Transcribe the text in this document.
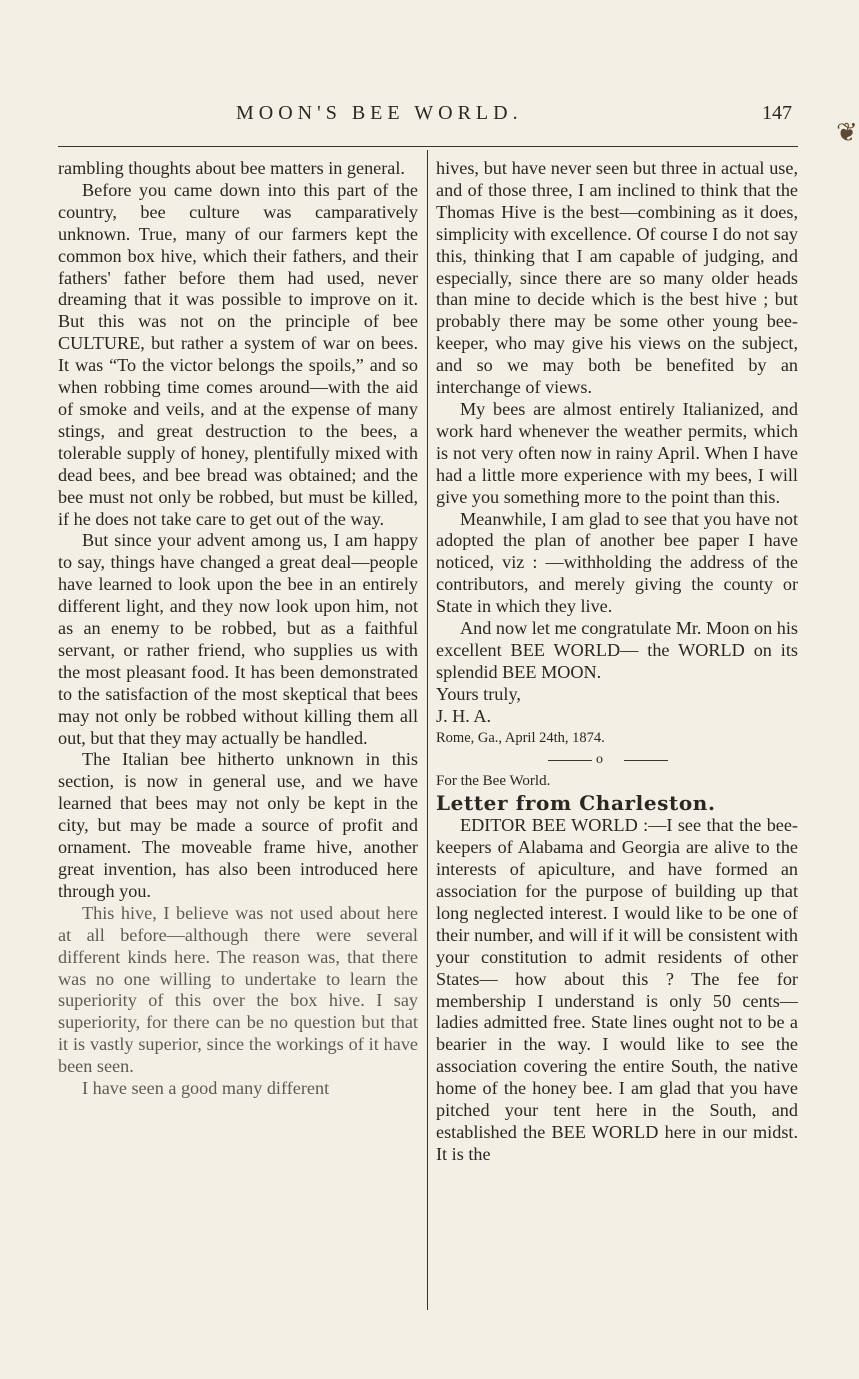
MOON'S BEE WORLD.	147
❦

rambling thoughts about bee matters in general.

Before you came down into this part of the country, bee culture was camparatively unknown. True, many of our farmers kept the common box hive, which their fathers, and their fathers' father before them had used, never dreaming that it was possible to improve on it. But this was not on the principle of bee CULTURE, but rather a system of war on bees. It was “To the victor belongs the spoils,” and so when robbing time comes around—with the aid of smoke and veils, and at the expense of many stings, and great destruction to the bees, a tolerable supply of honey, plentifully mixed with dead bees, and bee bread was obtained; and the bee must not only be robbed, but must be killed, if he does not take care to get out of the way.

But since your advent among us, I am happy to say, things have changed a great deal—people have learned to look upon the bee in an entirely different light, and they now look upon him, not as an enemy to be robbed, but as a faithful servant, or rather friend, who supplies us with the most pleasant food. It has been demonstrated to the satisfaction of the most skeptical that bees may not only be robbed without killing them all out, but that they may actually be handled.

The Italian bee hitherto unknown in this section, is now in general use, and we have learned that bees may not only be kept in the city, but may be made a source of profit and ornament. The moveable frame hive, another great invention, has also been introduced here through you.

This hive, I believe was not used about here at all before—although there were several different kinds here. The reason was, that there was no one willing to undertake to learn the superiority of this over the box hive. I say superiority, for there can be no question but that it is vastly superior, since the workings of it have been seen.

I have seen a good many different

hives, but have never seen but three in actual use, and of those three, I am inclined to think that the Thomas Hive is the best—combining as it does, simplicity with excellence. Of course I do not say this, thinking that I am capable of judging, and especially, since there are so many older heads than mine to decide which is the best hive ; but probably there may be some other young bee-keeper, who may give his views on the subject, and so we may both be benefited by an interchange of views.

My bees are almost entirely Italianized, and work hard whenever the weather permits, which is not very often now in rainy April. When I have had a little more experience with my bees, I will give you something more to the point than this.

Meanwhile, I am glad to see that you have not adopted the plan of another bee paper I have noticed, viz : —withholding the address of the contributors, and merely giving the county or State in which they live.

And now let me congratulate Mr. Moon on his excellent BEE WORLD— the WORLD on its splendid BEE MOON.

Yours truly,

J. H. A.

Rome, Ga., April 24th, 1874.

o

For the Bee World.

Letter from Charleston.

EDITOR BEE WORLD :—I see that the bee-keepers of Alabama and Georgia are alive to the interests of apiculture, and have formed an association for the purpose of building up that long neglected interest. I would like to be one of their number, and will if it will be consistent with your constitution to admit residents of other States— how about this ? The fee for membership I understand is only 50 cents— ladies admitted free. State lines ought not to be a bearier in the way. I would like to see the association covering the entire South, the native home of the honey bee. I am glad that you have pitched your tent here in the South, and established the BEE WORLD here in our midst. It is the
